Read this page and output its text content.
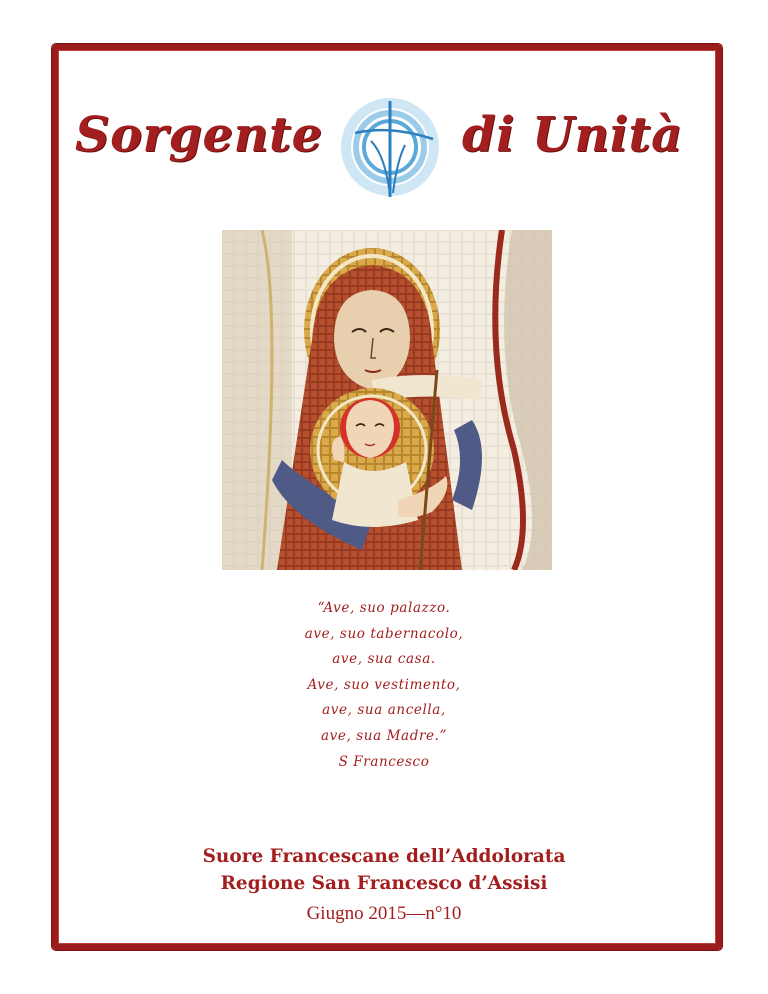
Sorgente	di Unità
“Ave, suo palazzo.
ave, suo tabernacolo,
ave, sua casa.
Ave, suo vestimento,
ave, sua ancella,
ave, sua Madre.”
S Francesco
Suore Francescane dell’Addolorata
Regione San Francesco d’Assisi
Giugno 2015—n°10
